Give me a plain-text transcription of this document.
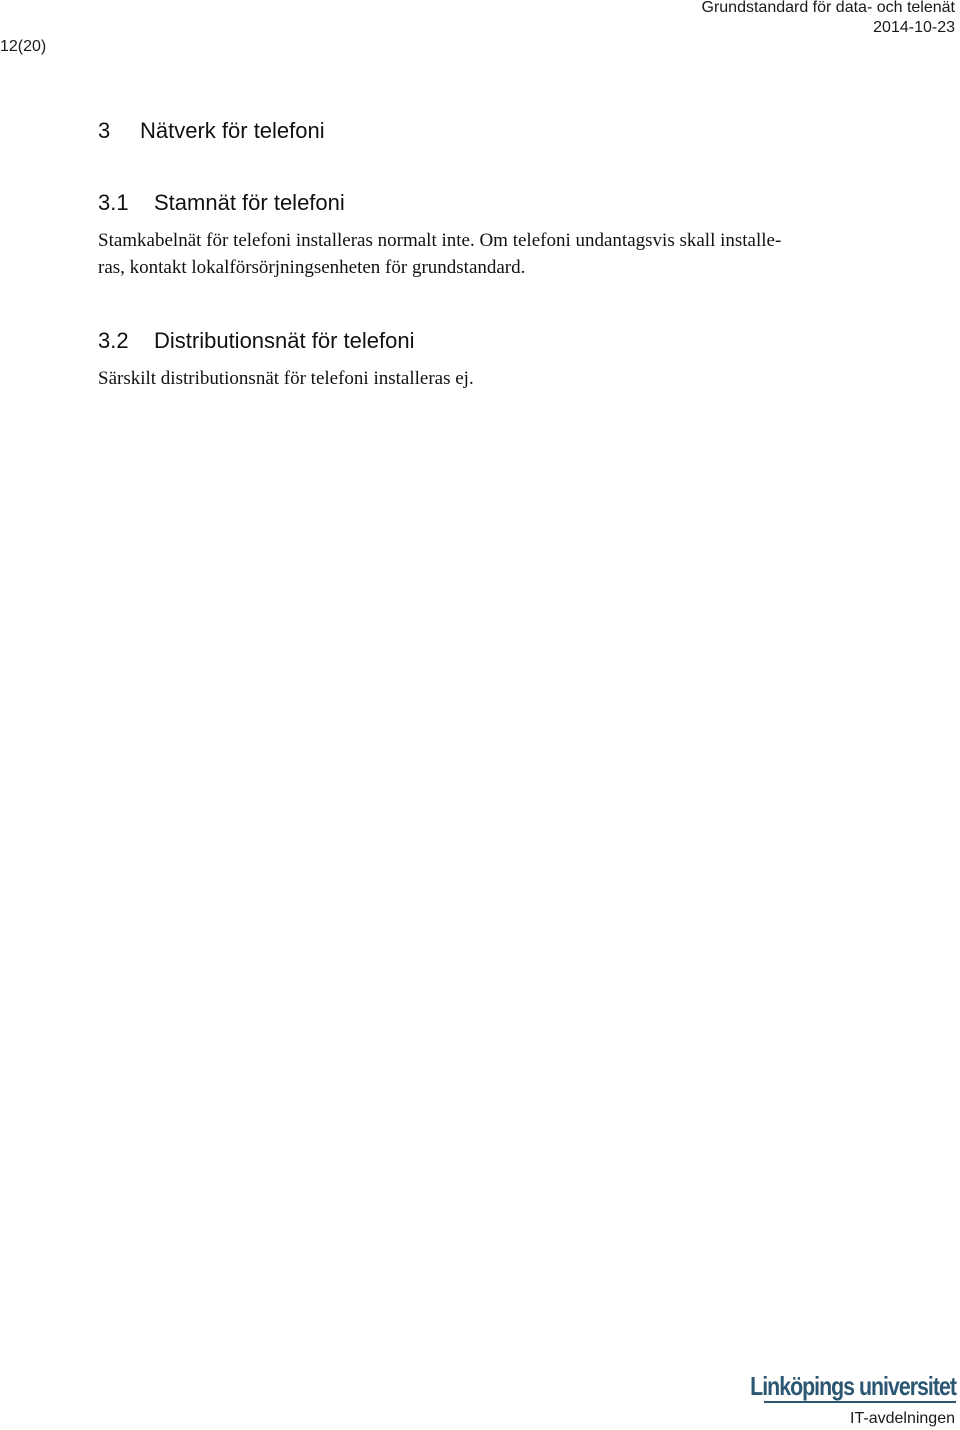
12(20)
Grundstandard för data- och telenät
2014-10-23
3 Nätverk för telefoni
3.1 Stamnät för telefoni
Stamkabelnät för telefoni installeras normalt inte. Om telefoni undantagsvis skall installe-
ras, kontakt lokalförsörjningsenheten för grundstandard.
3.2 Distributionsnät för telefoni
Särskilt distributionsnät för telefoni installeras ej.
Linköpings universitet
IT-avdelningen
